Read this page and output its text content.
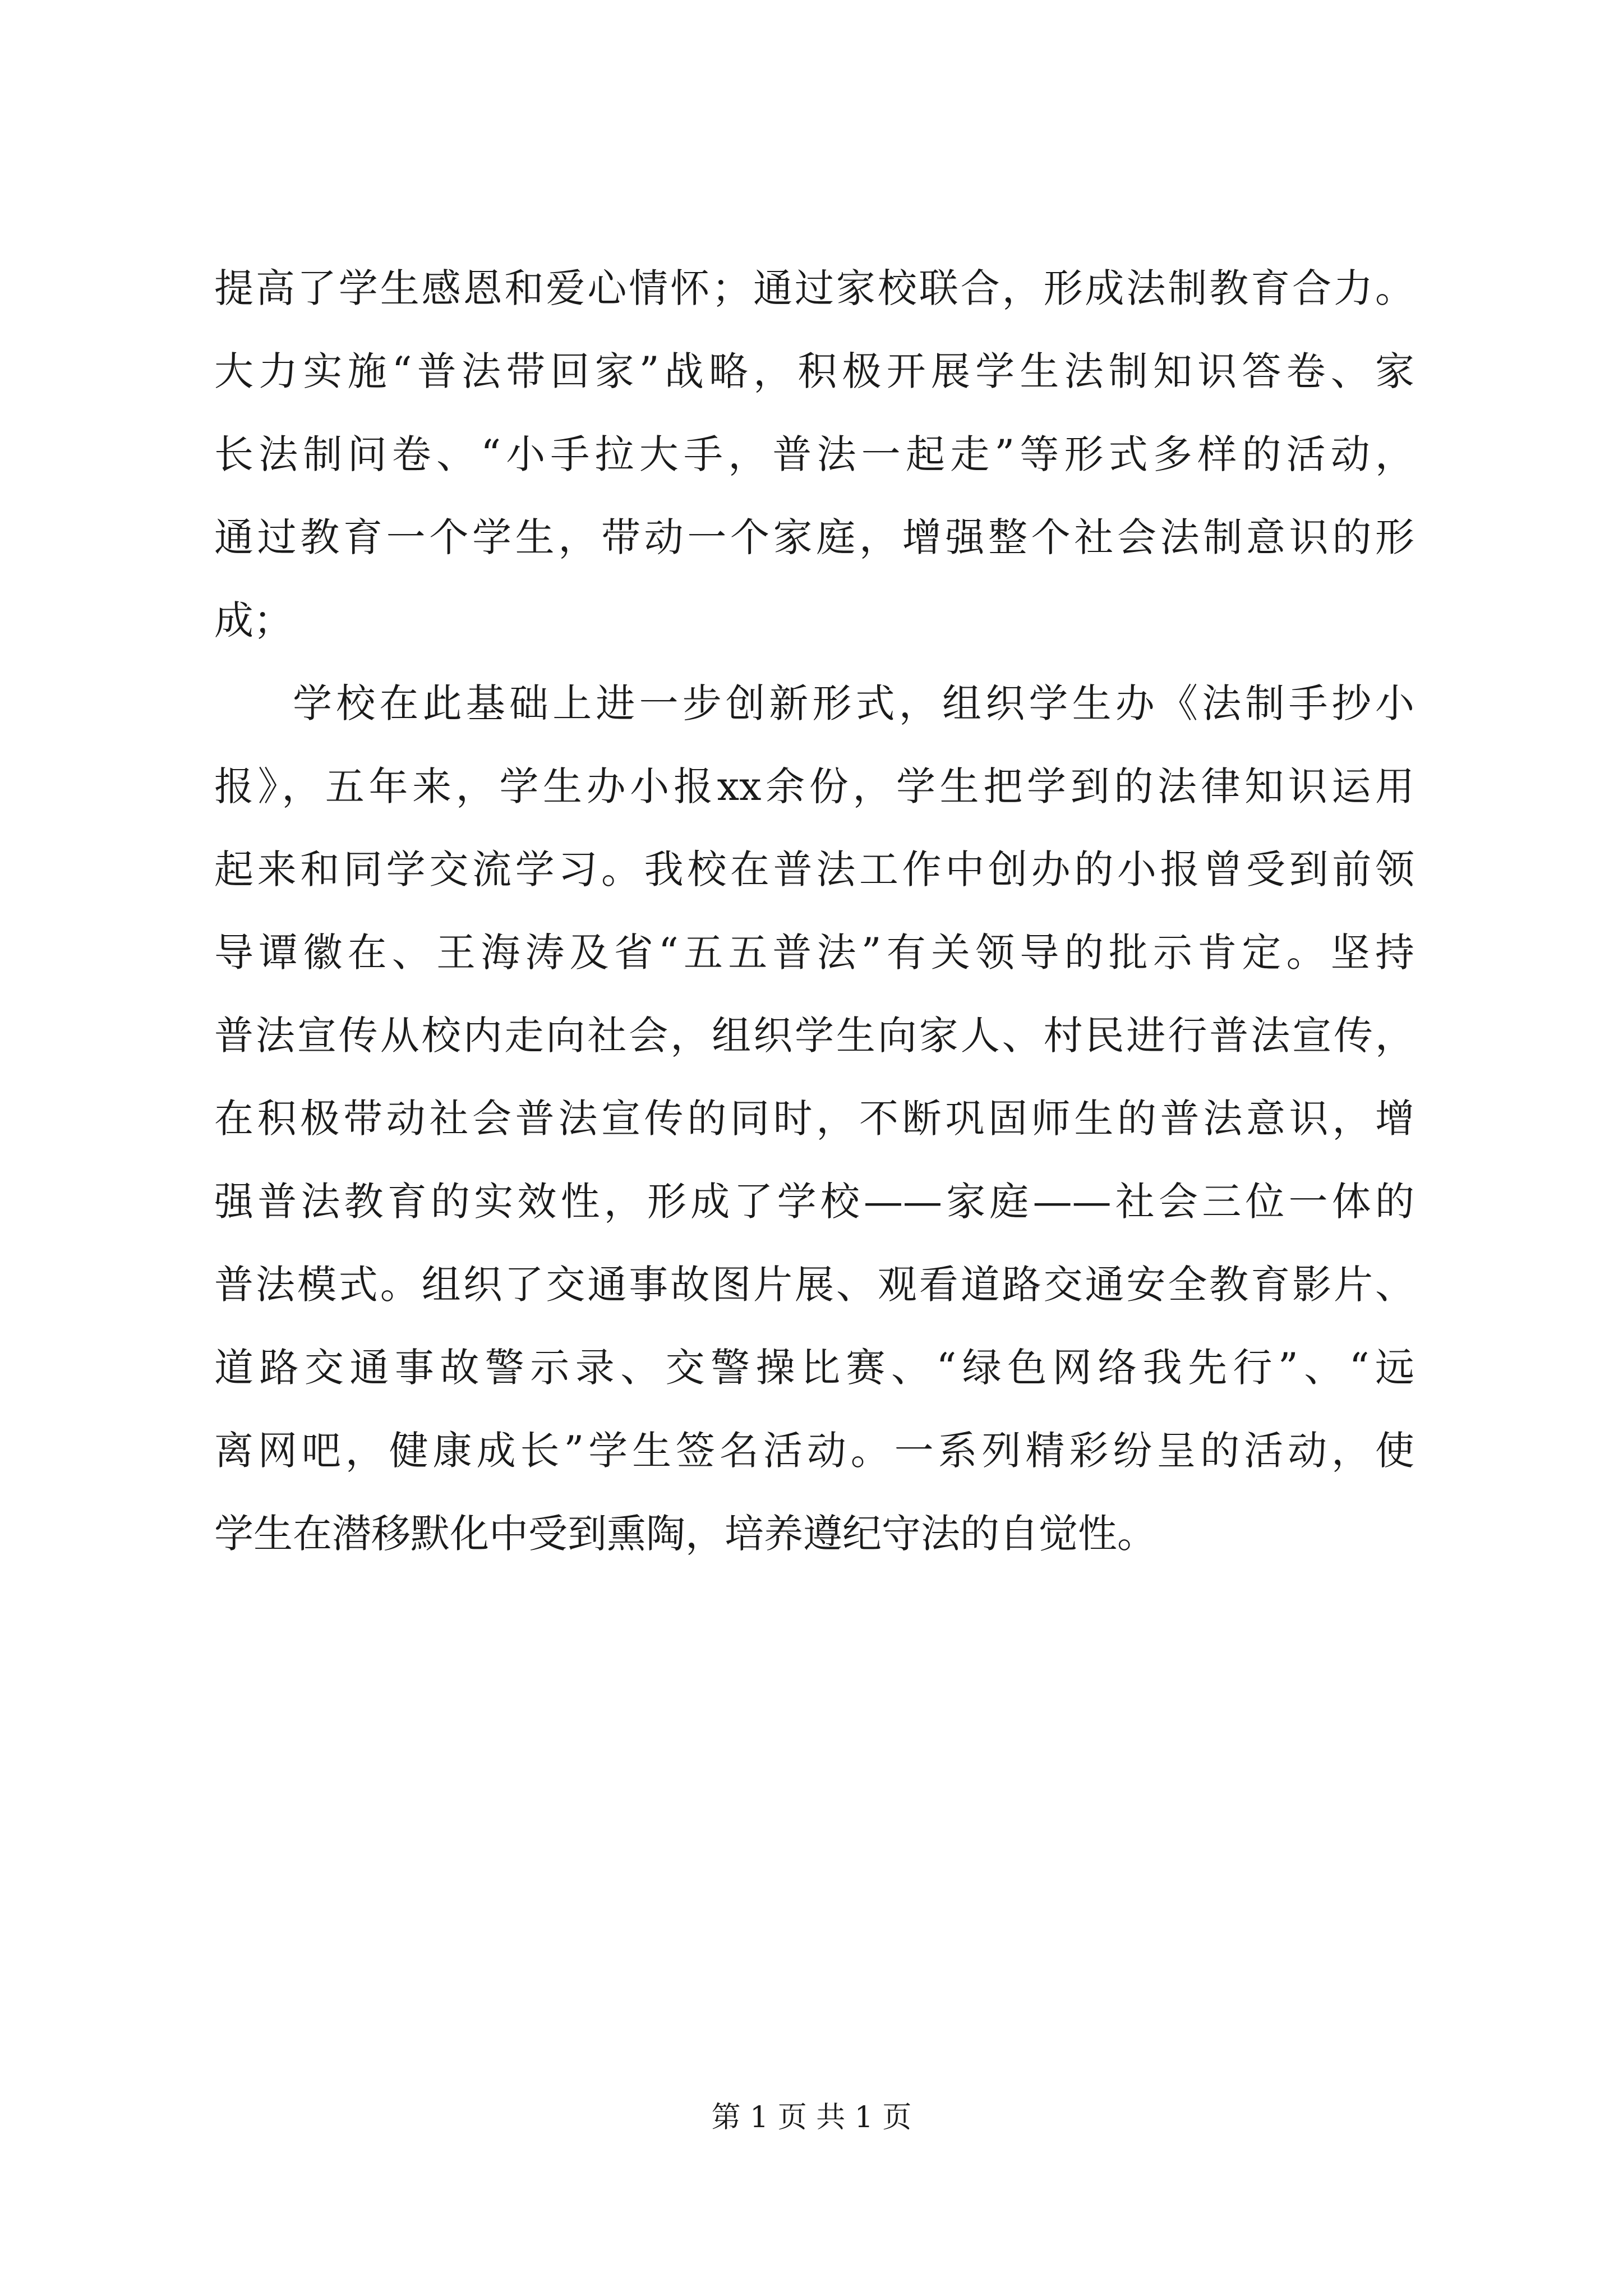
提高了学生感恩和爱心情怀；通过家校联合，形成法制教育合力。
大力实施“普法带回家”战略，积极开展学生法制知识答卷、家
长法制问卷、“小手拉大手，普法一起走”等形式多样的活动，
通过教育一个学生，带动一个家庭，增强整个社会法制意识的形
成；
学校在此基础上进一步创新形式，组织学生办《法制手抄小
报》，五年来，学生办小报xx余份，学生把学到的法律知识运用
起来和同学交流学习。我校在普法工作中创办的小报曾受到前领
导谭徽在、王海涛及省“五五普法”有关领导的批示肯定。坚持
普法宣传从校内走向社会，组织学生向家人、村民进行普法宣传，
在积极带动社会普法宣传的同时，不断巩固师生的普法意识，增
强普法教育的实效性，形成了学校——家庭——社会三位一体的
普法模式。组织了交通事故图片展、观看道路交通安全教育影片、
道路交通事故警示录、交警操比赛、“绿色网络我先行”、“远
离网吧，健康成长”学生签名活动。一系列精彩纷呈的活动，使
学生在潜移默化中受到熏陶，培养遵纪守法的自觉性。
第 1 页 共 1 页
